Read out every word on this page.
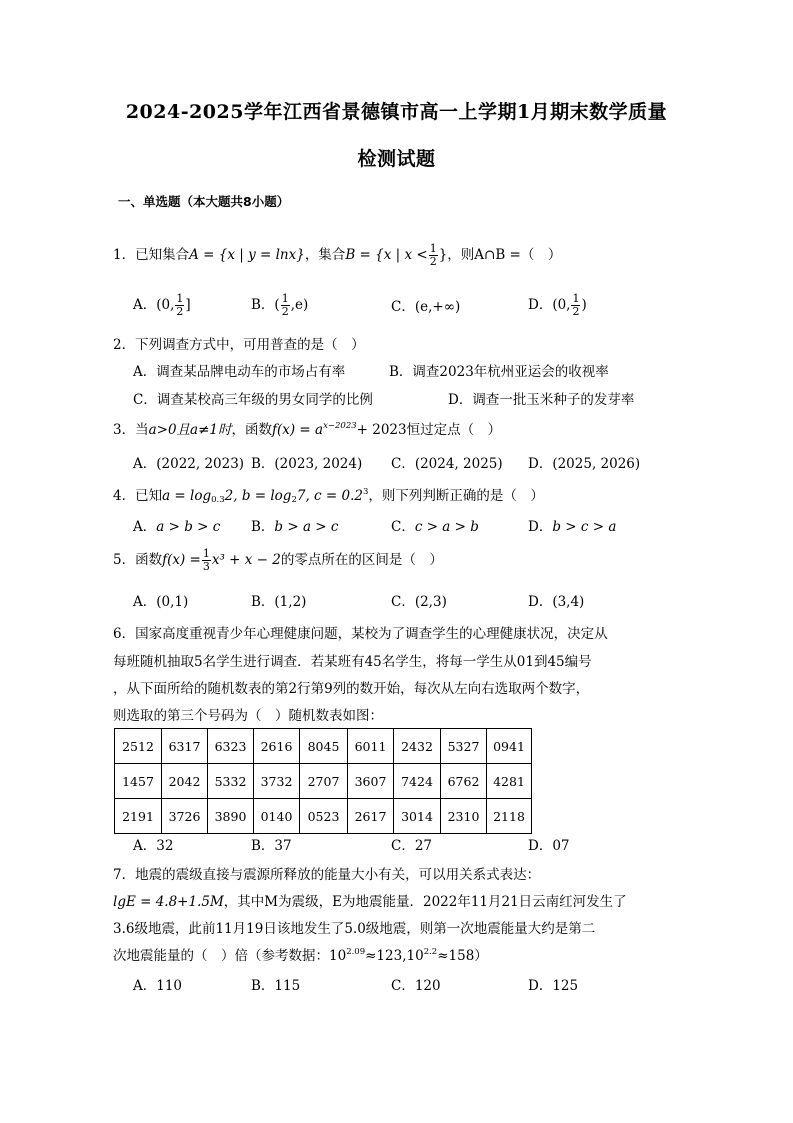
2024-2025学年江西省景德镇市高一上学期1月期末数学质量
检测试题
一、单选题（本大题共8小题）
1．已知集合A = {x | y = lnx}，集合B = {x | $x < \frac{1}{2}$ }，则A∩B =（　）
A．(0, $\frac{1}{2}$ ]	B．( $\frac{1}{2} ,e$)	C．(e,+∞)	D．(0, $\frac{1}{2}$ )
2．下列调查方式中，可用普查的是（　）
A．调查某品牌电动车的市场占有率	B．调查2023年杭州亚运会的收视率
C．调查某校高三年级的男女同学的比例	D．调查一批玉米种子的发芽率
3．当a>0且a≠1时，函数$f(x) = a^{x-2023}+ 2023$恒过定点（　）
A．(2022, 2023) B．(2023, 2024) C．(2024, 2025) D．(2025, 2026)
4．已知$a = \log_{0.3}2$, $b = \log_27$, $c = 0.2^3$，则下列判断正确的是（　）
A．a > b > c B．b > a > c	C．c > a > b	D．b > c > a
5．函数$f(x) = \frac{1}{3} x^3 + x - 2$的零点所在的区间是（　）
A．(0,1)	B．(1,2)	C．(2,3)	D．(3,4)
6．国家高度重视青少年心理健康问题，某校为了调查学生的心理健康状况，决定从
每班随机抽取5名学生进行调查．若某班有45名学生，将每一学生从01到45编号
，从下面所给的随机数表的第2行第9列的数开始，每次从左向右选取两个数字，
则选取的第三个号码为（　）随机数表如图：
2512	6317	6323	2616	8045	6011	2432	5327	0941
1457	2042	5332	3732	2707	3607	7424	6762	4281
2191	3726	3890	0140	0523	2617	3014	2310	2118
A．32	B．37	C．27	D．07
7．地震的震级直接与震源所释放的能量大小有关，可以用关系式表达：
lgE = 4.8+1.5M，其中M为震级，E为地震能量．2022年11月21日云南红河发生了
3.6级地震，此前11月19日该地发生了5.0级地震，则第一次地震能量大约是第二
次地震能量的（　）倍（参考数据：$10^{2.09}\approx 123,10^{2.2}\approx 158$）
A．110	B．115	C．120	D．125
